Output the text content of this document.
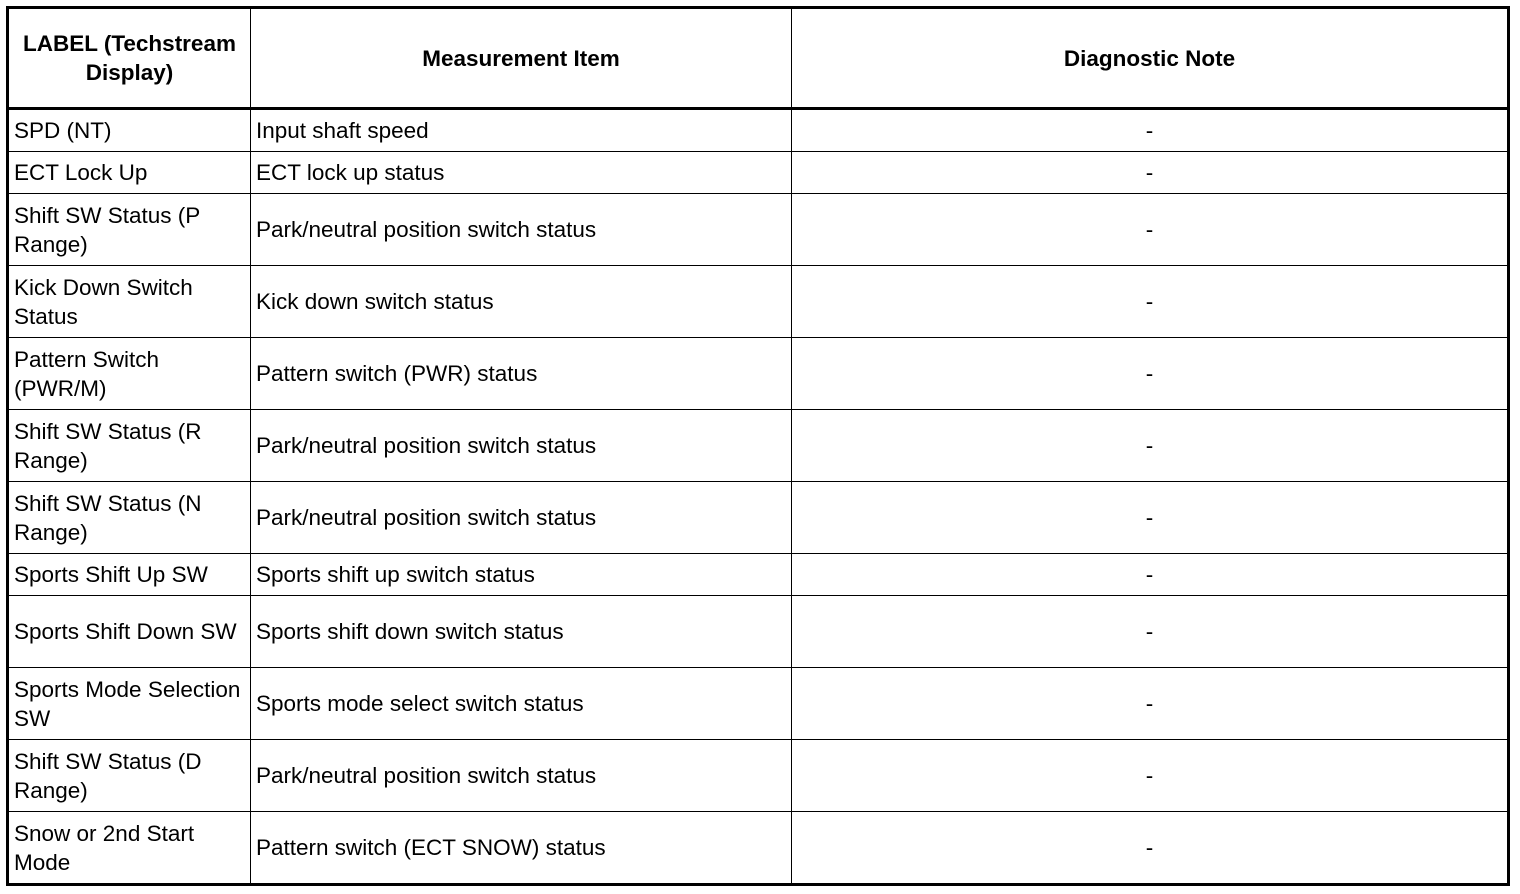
LABEL (Techstream Display)	Measurement Item	Diagnostic Note
SPD (NT)	Input shaft speed	-
ECT Lock Up	ECT lock up status	-
Shift SW Status (P Range)	Park/neutral position switch status	-
Kick Down Switch Status	Kick down switch status	-
Pattern Switch (PWR/M)	Pattern switch (PWR) status	-
Shift SW Status (R Range)	Park/neutral position switch status	-
Shift SW Status (N Range)	Park/neutral position switch status	-
Sports Shift Up SW	Sports shift up switch status	-
Sports Shift Down SW	Sports shift down switch status	-
Sports Mode Selection SW	Sports mode select switch status	-
Shift SW Status (D Range)	Park/neutral position switch status	-
Snow or 2nd Start Mode	Pattern switch (ECT SNOW) status	-
